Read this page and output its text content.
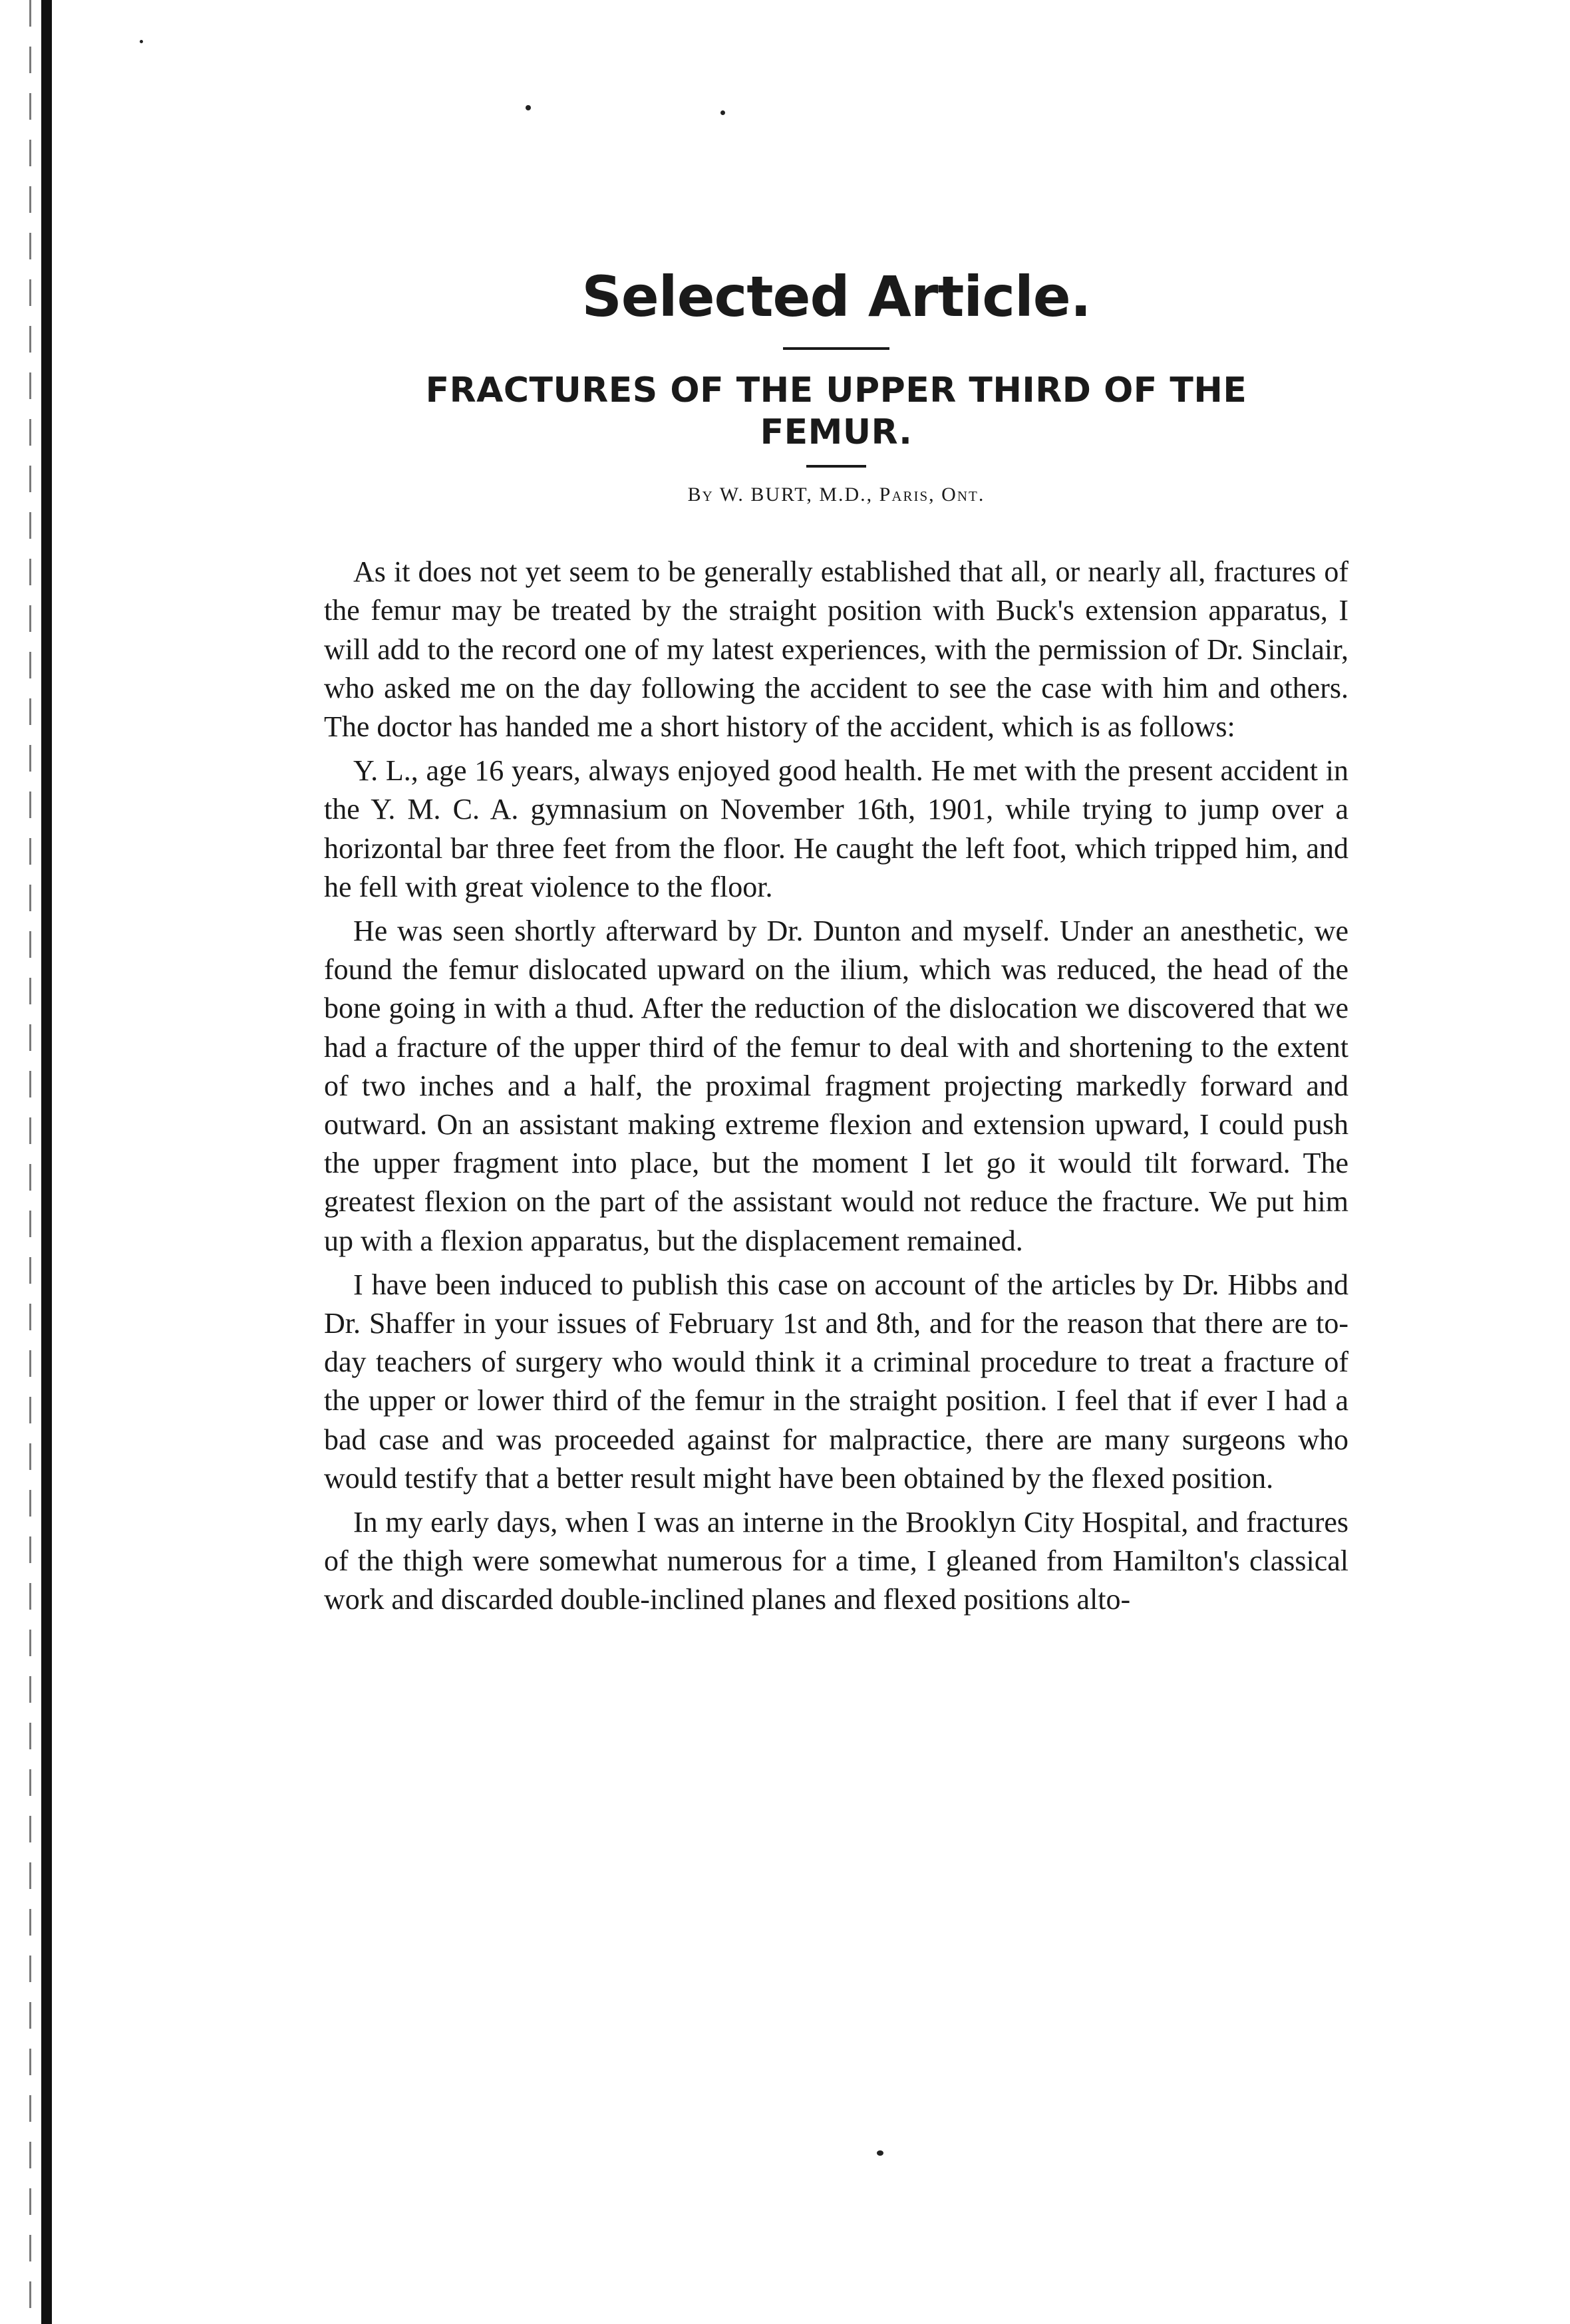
Selected Article.
FRACTURES OF THE UPPER THIRD OF THE FEMUR.

By W. BURT, M.D., Paris, Ont.

As it does not yet seem to be generally established that all, or nearly all, fractures of the femur may be treated by the straight position with Buck's extension apparatus, I will add to the record one of my latest experiences, with the permission of Dr. Sinclair, who asked me on the day following the accident to see the case with him and others. The doctor has handed me a short history of the accident, which is as follows:

Y. L., age 16 years, always enjoyed good health. He met with the present accident in the Y. M. C. A. gymnasium on November 16th, 1901, while trying to jump over a horizontal bar three feet from the floor. He caught the left foot, which tripped him, and he fell with great violence to the floor.

He was seen shortly afterward by Dr. Dunton and myself. Under an anesthetic, we found the femur dislocated upward on the ilium, which was reduced, the head of the bone going in with a thud. After the reduction of the dislocation we discovered that we had a fracture of the upper third of the femur to deal with and shortening to the extent of two inches and a half, the proximal fragment projecting markedly forward and outward. On an assistant making extreme flexion and extension upward, I could push the upper fragment into place, but the moment I let go it would tilt forward. The greatest flexion on the part of the assistant would not reduce the fracture. We put him up with a flexion apparatus, but the displacement remained.

I have been induced to publish this case on account of the articles by Dr. Hibbs and Dr. Shaffer in your issues of February 1st and 8th, and for the reason that there are to-day teachers of surgery who would think it a criminal procedure to treat a fracture of the upper or lower third of the femur in the straight position. I feel that if ever I had a bad case and was proceeded against for malpractice, there are many surgeons who would testify that a better result might have been obtained by the flexed position.

In my early days, when I was an interne in the Brooklyn City Hospital, and fractures of the thigh were somewhat numerous for a time, I gleaned from Hamilton's classical work and discarded double-inclined planes and flexed positions alto-
